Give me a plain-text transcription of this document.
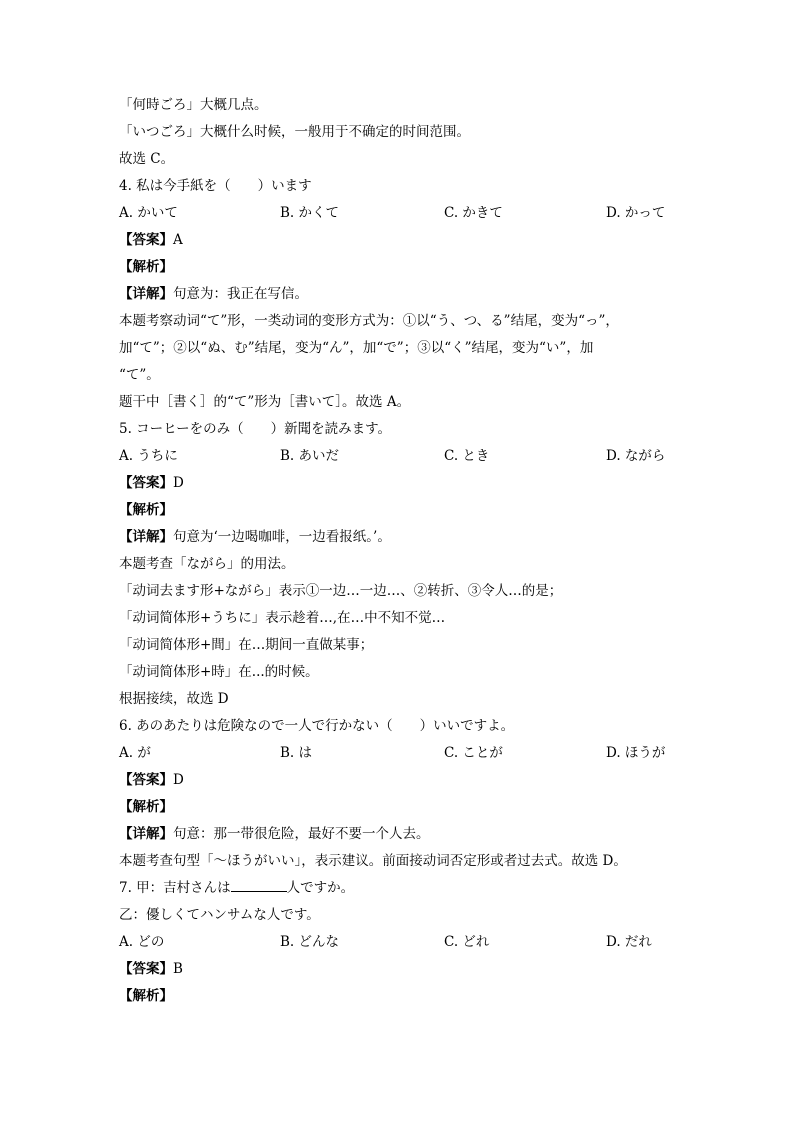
「何時ごろ」大概几点。
「いつごろ」大概什么时候，一般用于不确定的时间范围。
故选 C。
4. 私は今手紙を（　　）います
A. かいて	B. かくて	C. かきて	D. かって
【答案】A
【解析】
【详解】句意为：我正在写信。
本题考察动词“て”形，一类动词的变形方式为：①以“う、つ、る”结尾，变为“っ”，
加“て”；②以“ぬ、む”结尾，变为“ん”，加“で”；③以“く”结尾，变为“い”，加
“て”。
题干中［書く］的“て”形为［書いて］。故选 A。
5. コーヒーをのみ（　　）新聞を読みます。
A. うちに	B. あいだ	C. とき	D. ながら
【答案】D
【解析】
【详解】句意为‘一边喝咖啡，一边看报纸。’。
本题考查「ながら」的用法。
「动词去ます形+ながら」表示①一边…一边…、②转折、③令人…的是；
「动词简体形+うちに」表示趁着…,在…中不知不觉…
「动词简体形+間」在…期间一直做某事；
「动词简体形+時」在...的时候。
根据接续，故选 D
6. あのあたりは危険なので一人で行かない（　　）いいですよ。
A. が	B. は	C. ことが	D. ほうが
【答案】D
【解析】
【详解】句意：那一带很危险，最好不要一个人去。
本题考查句型「～ほうがいい」，表示建议。前面接动词否定形或者过去式。故选 D。
7. 甲：吉村さんは	人ですか。
乙：優しくてハンサムな人です。
A. どの	B. どんな	C. どれ	D. だれ
【答案】B
【解析】
